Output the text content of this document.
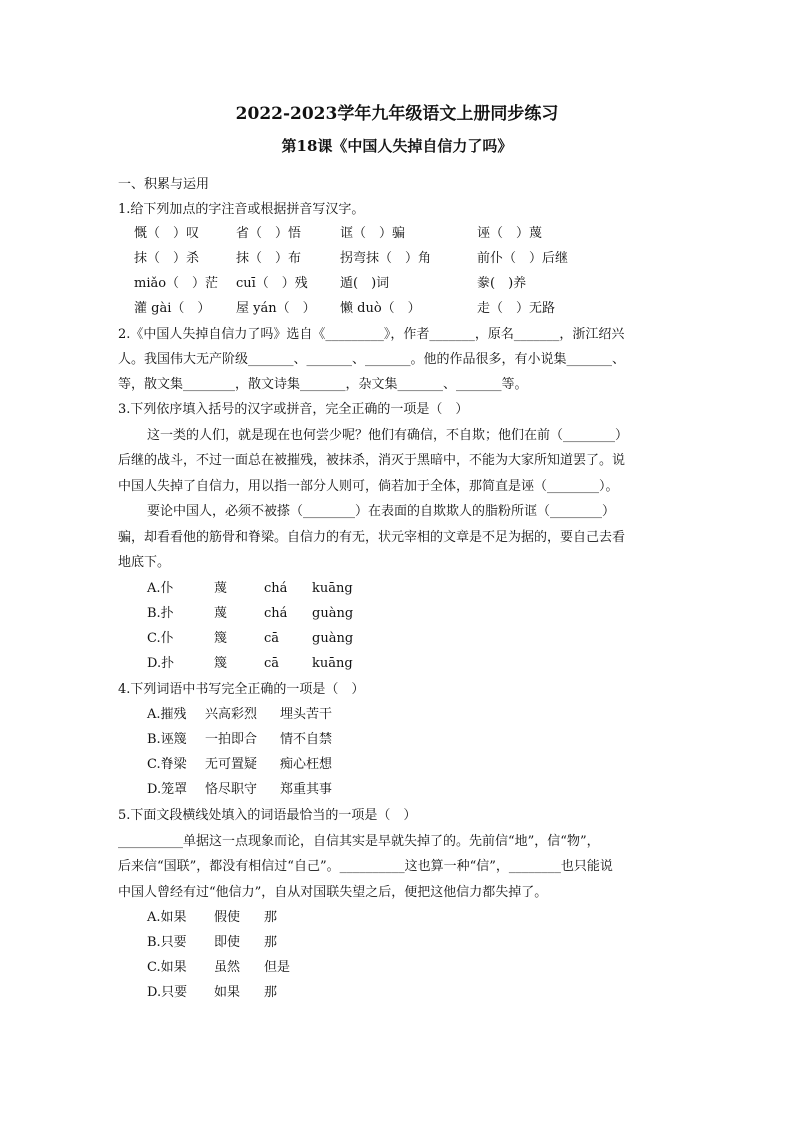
2022-2023学年九年级语文上册同步练习
第18课《中国人失掉自信力了吗》
一、积累与运用
1.给下列加点的字注音或根据拼音写汉字。
慨（　）叹	省（　）悟	诓（　）骗	诬（　）蔑
抹（　）杀	抹（　）布	拐弯抹（　）角	前仆（　）后继
miǎo（　）茫 cuī（　）残 遁(　)词	豢(　)养
灌 gài（　） 屋 yán（　） 懒 duò（　）	走（　）无路
2.《中国人失掉自信力了吗》选自《_________》，作者_______，原名_______，浙江绍兴
人。我国伟大无产阶级_______、_______、_______。他的作品很多，有小说集_______、
等，散文集________，散文诗集_______，杂文集_______、_______等。
3.下列依序填入括号的汉字或拼音，完全正确的一项是（　）
这一类的人们，就是现在也何尝少呢？他们有确信，不自欺；他们在前（________）
后继的战斗，不过一面总在被摧残，被抹杀，消灭于黑暗中，不能为大家所知道罢了。说
中国人失掉了自信力，用以指一部分人则可，倘若加于全体，那简直是诬（________）。
要论中国人，必须不被搽（________）在表面的自欺欺人的脂粉所诓（________）
骗，却看看他的筋骨和脊梁。自信力的有无，状元宰相的文章是不足为据的，要自己去看
地底下。
A.仆	蔑	chá kuāng
B.扑	蔑	chá guàng
C.仆	篾	cā	guàng
D.扑	篾	cā	kuāng
4.下列词语中书写完全正确的一项是（　）
A.摧残 兴高彩烈 埋头苦干
B.诬篾 一拍即合 情不自禁
C.脊梁 无可置疑 痴心枉想
D.笼罩 恪尽职守 郑重其事
5.下面文段横线处填入的词语最恰当的一项是（　）
__________单据这一点现象而论，自信其实是早就失掉了的。先前信“地”，信“物”，
后来信“国联”，都没有相信过“自己”。__________这也算一种“信”，________也只能说
中国人曾经有过“他信力”，自从对国联失望之后，便把这他信力都失掉了。
A.如果 假使 那
B.只要 即使 那
C.如果 虽然 但是
D.只要 如果 那
